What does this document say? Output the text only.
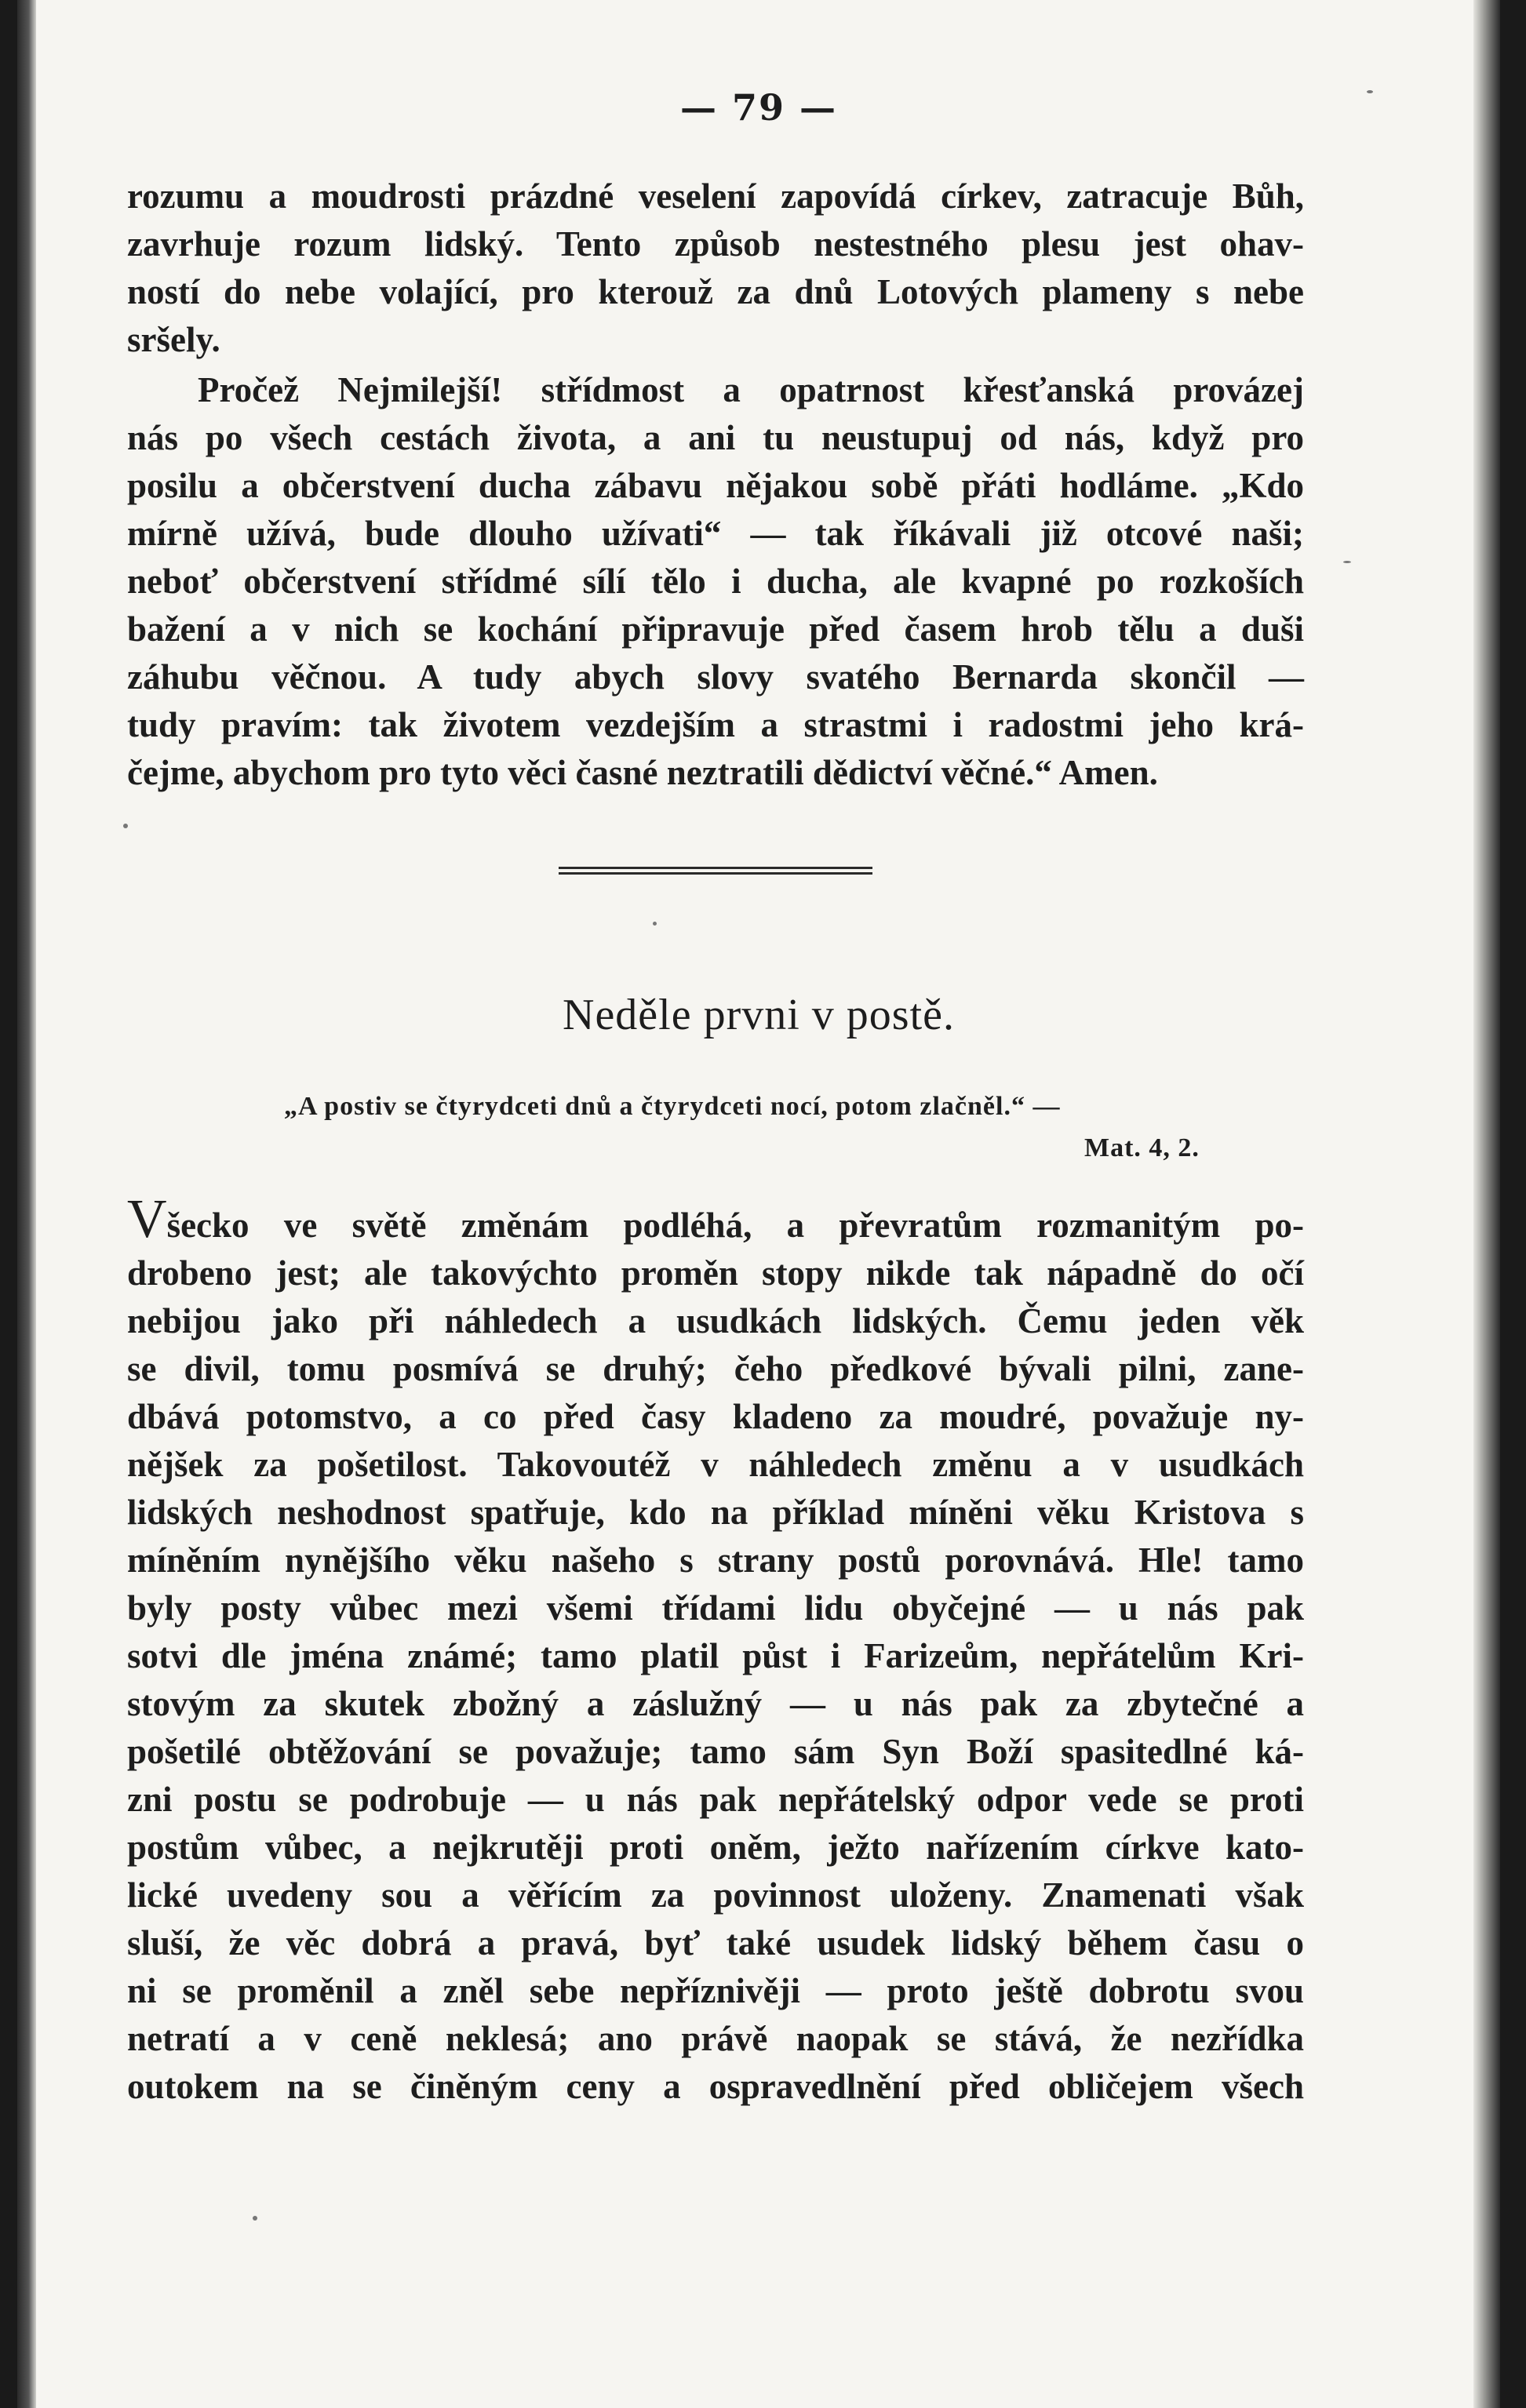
— 79 —
rozumu a moudrosti prázdné veselení zapovídá církev, zatracuje Bůh,
zavrhuje rozum lidský. Tento způsob nestestného plesu jest ohav-
ností do nebe volající, pro kterouž za dnů Lotových plameny s nebe
sršely.
Pročež Nejmilejší! střídmost a opatrnost křesťanská provázej
nás po všech cestách života, a ani tu neustupuj od nás, když pro
posilu a občerstvení ducha zábavu nějakou sobě přáti hodláme. „Kdo
mírně užívá, bude dlouho užívati“ — tak říkávali již otcové naši;
neboť občerstvení střídmé sílí tělo i ducha, ale kvapné po rozkoších
bažení a v nich se kochání připravuje před časem hrob tělu a duši
záhubu věčnou. A tudy abych slovy svatého Bernarda skončil —
tudy pravím: tak životem vezdejším a strastmi i radostmi jeho krá-
čejme, abychom pro tyto věci časné neztratili dědictví věčné.“ Amen.
Neděle prvni v postě.
„A postiv se čtyrydceti dnů a čtyrydceti nocí, potom zlačněl.“ —
Mat. 4, 2.
Všecko ve světě změnám podléhá, a převratům rozmanitým po-
drobeno jest; ale takovýchto proměn stopy nikde tak nápadně do očí
nebijou jako při náhledech a usudkách lidských. Čemu jeden věk
se divil, tomu posmívá se druhý; čeho předkové bývali pilni, zane-
dbává potomstvo, a co před časy kladeno za moudré, považuje ny-
nějšek za pošetilost. Takovoutéž v náhledech změnu a v usudkách
lidských neshodnost spatřuje, kdo na příklad míněni věku Kristova s
míněním nynějšího věku našeho s strany postů porovnává. Hle! tamo
byly posty vůbec mezi všemi třídami lidu obyčejné — u nás pak
sotvi dle jména známé; tamo platil půst i Farizeům, nepřátelům Kri-
stovým za skutek zbožný a záslužný — u nás pak za zbytečné a
pošetilé obtěžování se považuje; tamo sám Syn Boží spasitedlné ká-
zni postu se podrobuje — u nás pak nepřátelský odpor vede se proti
postům vůbec, a nejkrutěji proti oněm, ježto nařízením církve kato-
lické uvedeny sou a věřícím za povinnost uloženy. Znamenati však
sluší, že věc dobrá a pravá, byť také usudek lidský během času o
ni se proměnil a zněl sebe nepříznivěji — proto ještě dobrotu svou
netratí a v ceně neklesá; ano právě naopak se stává, že nezřídka
outokem na se činěným ceny a ospravedlnění před obličejem všech
